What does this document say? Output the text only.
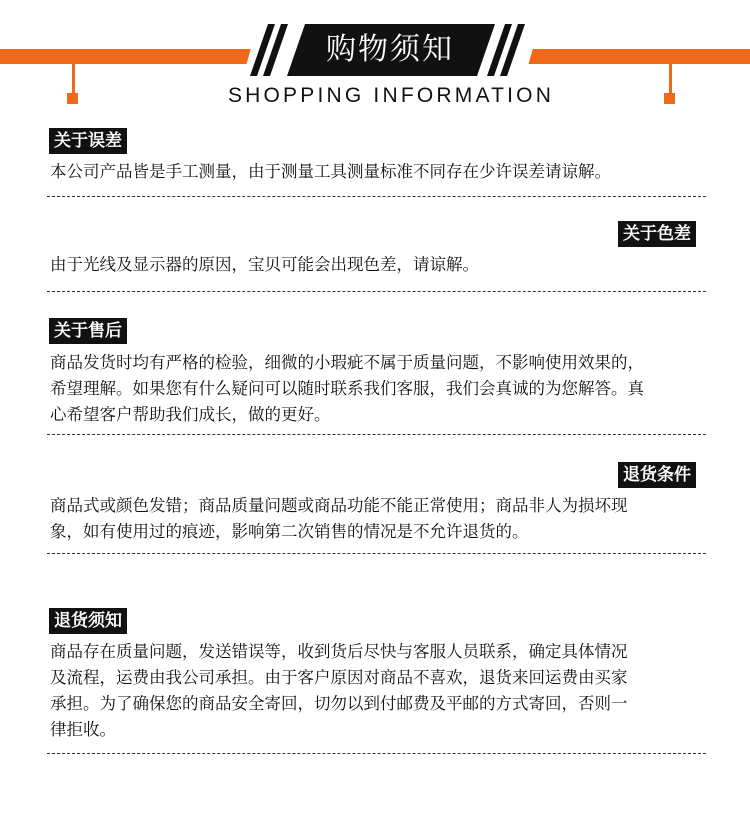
购物须知
SHOPPING INFORMATION
关于误差
本公司产品皆是手工测量，由于测量工具测量标准不同存在少许误差请谅解。
关于色差
由于光线及显示器的原因，宝贝可能会出现色差，请谅解。
关于售后
商品发货时均有严格的检验，细微的小瑕疵不属于质量问题，不影响使用效果的，
希望理解。如果您有什么疑问可以随时联系我们客服，我们会真诚的为您解答。真
心希望客户帮助我们成长，做的更好。
退货条件
商品式或颜色发错；商品质量问题或商品功能不能正常使用；商品非人为损坏现
象，如有使用过的痕迹，影响第二次销售的情况是不允许退货的。
退货须知
商品存在质量问题，发送错误等，收到货后尽快与客服人员联系，确定具体情况
及流程，运费由我公司承担。由于客户原因对商品不喜欢，退货来回运费由买家
承担。为了确保您的商品安全寄回，切勿以到付邮费及平邮的方式寄回，否则一
律拒收。
